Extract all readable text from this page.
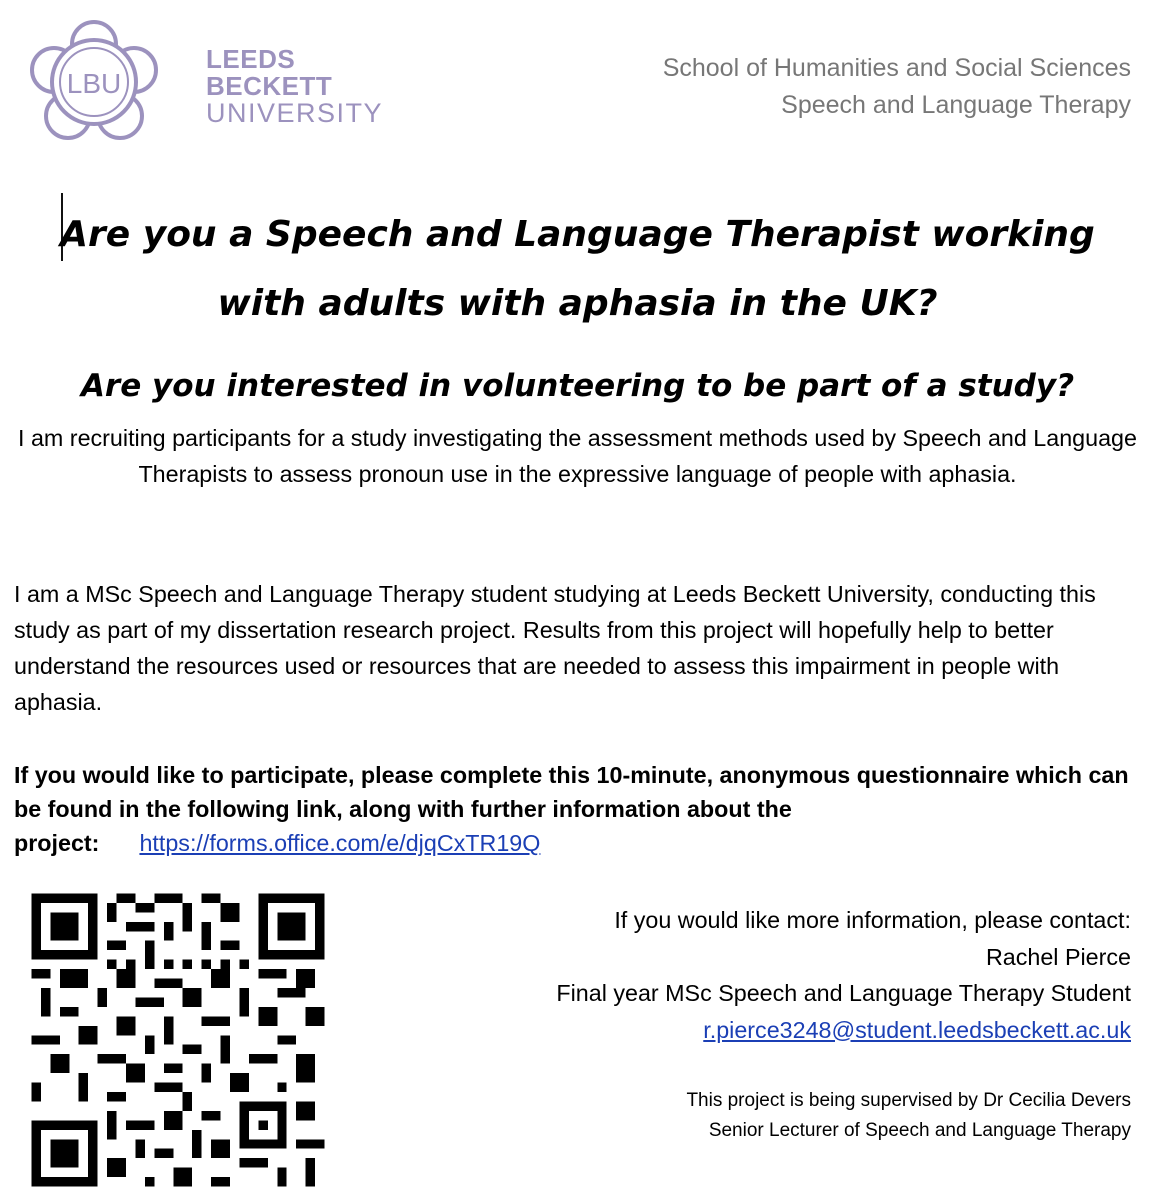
LBU
LEEDS
BECKETT
UNIVERSITY
School of Humanities and Social Sciences
Speech and Language Therapy
Are you a Speech and Language Therapist working
with adults with aphasia in the UK?
Are you interested in volunteering to be part of a study?
I am recruiting participants for a study investigating the assessment methods used by Speech and Language Therapists to assess pronoun use in the expressive language of people with aphasia.
I am a MSc Speech and Language Therapy student studying at Leeds Beckett University, conducting this study as part of my dissertation research project. Results from this project will hopefully help to better understand the resources used or resources that are needed to assess this impairment in people with aphasia.
If you would like to participate, please complete this 10-minute, anonymous questionnaire which can be found in the following link, along with further information about the project: https://forms.office.com/e/djqCxTR19Q
If you would like more information, please contact:
Rachel Pierce
Final year MSc Speech and Language Therapy Student
r.pierce3248@student.leedsbeckett.ac.uk
This project is being supervised by Dr Cecilia Devers
Senior Lecturer of Speech and Language Therapy
